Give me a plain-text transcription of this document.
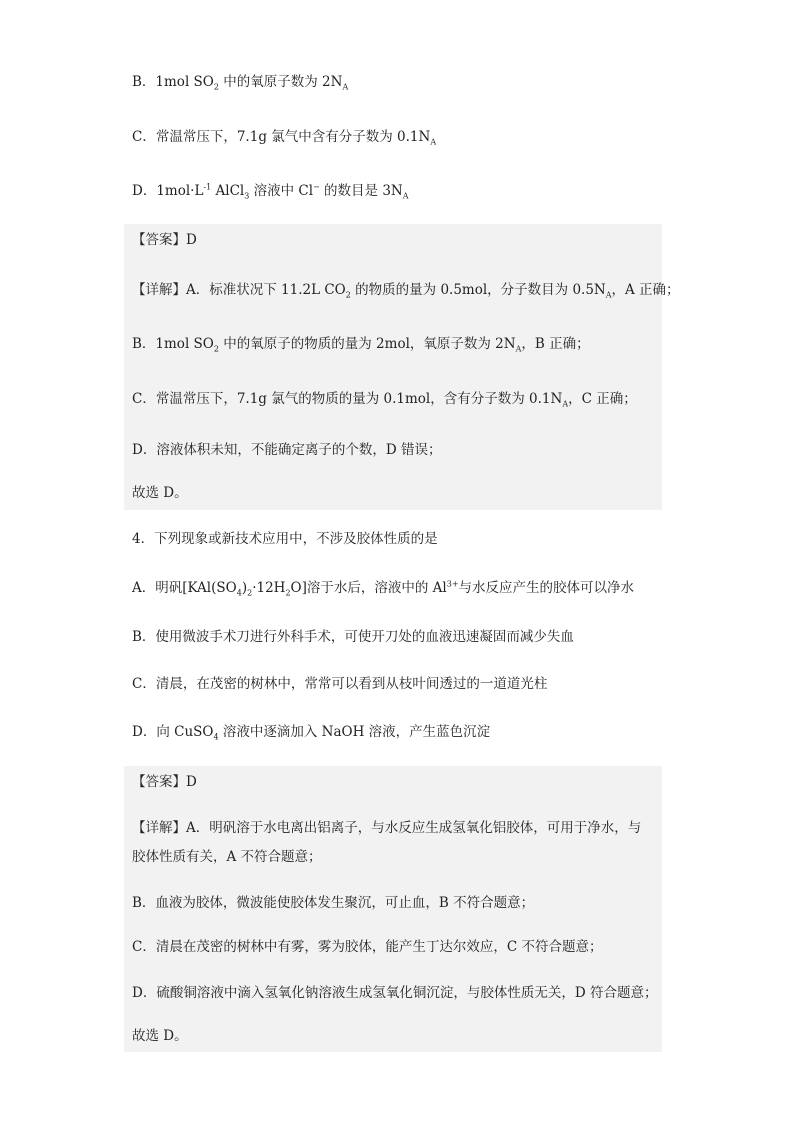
B．1mol $SO_2$ 中的氧原子数为 $2N_A$
C．常温常压下，7.1g 氯气中含有分子数为 $0.1N_A$
D．$1mol\cdot L^{-1}$ AlCl$_3$ 溶液中 Cl− 的数目是 $3N_A$
【答案】D
【详解】A．标准状况下 11.2L $CO_2$ 的物质的量为 0.5mol，分子数目为 $0.5N_A$，A 正确；
B．1mol $SO_2$ 中的氧原子的物质的量为 2mol，氧原子数为 $2N_A$，B 正确；
C．常温常压下，7.1g 氯气的物质的量为 0.1mol，含有分子数为 $0.1N_A$，C 正确；
D．溶液体积未知，不能确定离子的个数，D 错误；
故选 D。
4．下列现象或新技术应用中，不涉及胶体性质的是
A．明矾$[KAl(SO_4)_2\cdot 12H_2O]$溶于水后，溶液中的 $Al^{3+}$与水反应产生的胶体可以净水
B．使用微波手术刀进行外科手术，可使开刀处的血液迅速凝固而减少失血
C．清晨，在茂密的树林中，常常可以看到从枝叶间透过的一道道光柱
D．向 CuSO$_4$ 溶液中逐滴加入 NaOH 溶液，产生蓝色沉淀
【答案】D
【详解】A．明矾溶于水电离出铝离子，与水反应生成氢氧化铝胶体，可用于净水，与
胶体性质有关，A 不符合题意；
B．血液为胶体，微波能使胶体发生聚沉，可止血，B 不符合题意；
C．清晨在茂密的树林中有雾，雾为胶体，能产生丁达尔效应，C 不符合题意；
D．硫酸铜溶液中滴入氢氧化钠溶液生成氢氧化铜沉淀，与胶体性质无关，D 符合题意；
故选 D。
